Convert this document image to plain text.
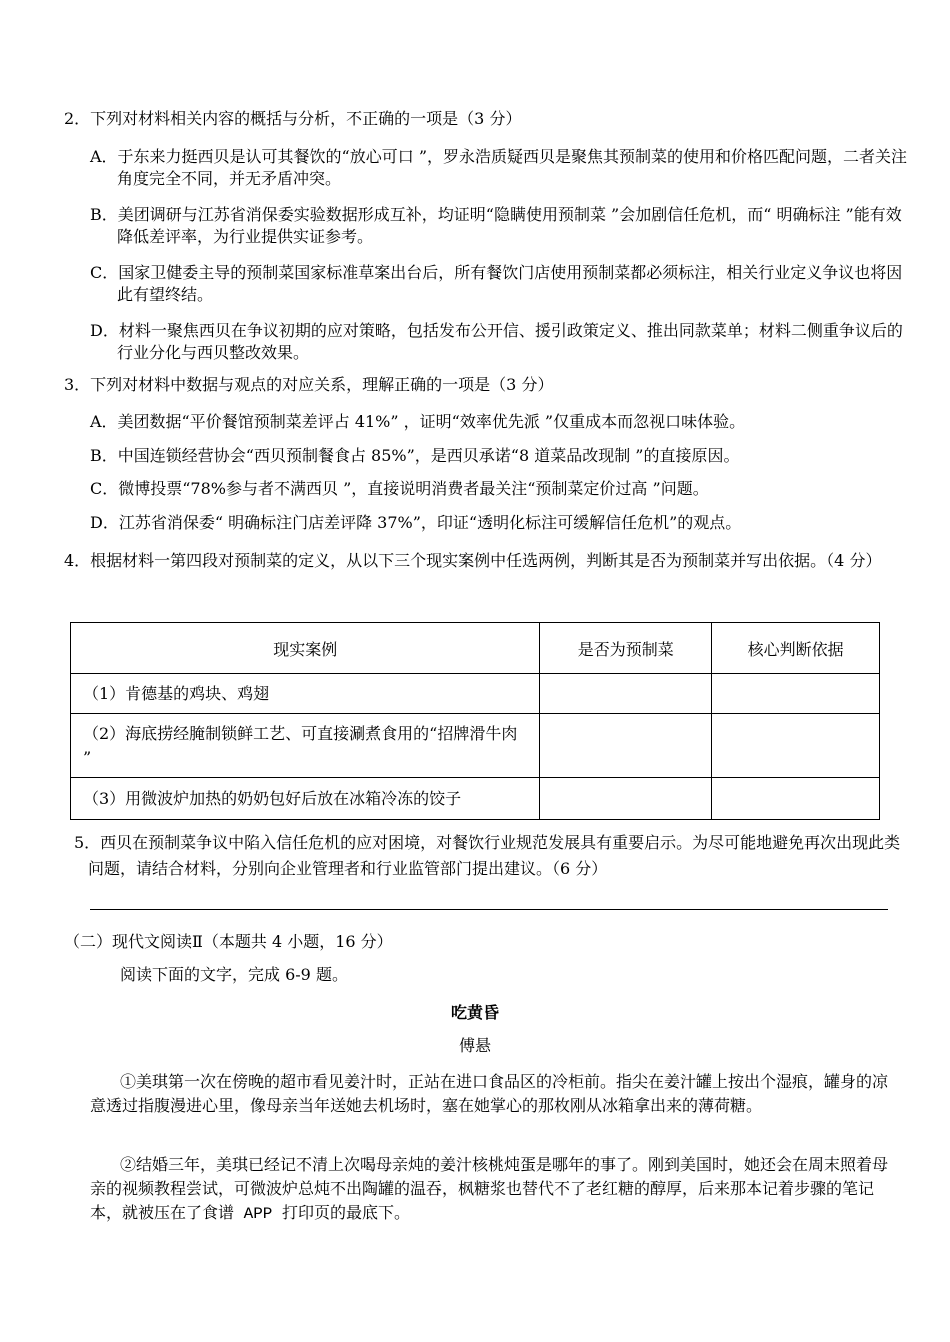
2．下列对材料相关内容的概括与分析，不正确的一项是（3 分）
A．于东来力挺西贝是认可其餐饮的“放心可口 ”，罗永浩质疑西贝是聚焦其预制菜的使用和价格匹配问题，二者关注角度完全不同，并无矛盾冲突。
B．美团调研与江苏省消保委实验数据形成互补，均证明“隐瞒使用预制菜 ”会加剧信任危机，而“ 明确标注 ”能有效降低差评率，为行业提供实证参考。
C．国家卫健委主导的预制菜国家标准草案出台后，所有餐饮门店使用预制菜都必须标注，相关行业定义争议也将因此有望终结。
D．材料一聚焦西贝在争议初期的应对策略，包括发布公开信、援引政策定义、推出同款菜单；材料二侧重争议后的行业分化与西贝整改效果。
3．下列对材料中数据与观点的对应关系，理解正确的一项是（3 分）
A．美团数据“平价餐馆预制菜差评占 41%” ，证明“效率优先派 ”仅重成本而忽视口味体验。
B．中国连锁经营协会“西贝预制餐食占 85%”，是西贝承诺“8 道菜品改现制 ”的直接原因。
C．微博投票“78%参与者不满西贝 ”，直接说明消费者最关注“预制菜定价过高 ”问题。
D．江苏省消保委“ 明确标注门店差评降 37%”，印证“透明化标注可缓解信任危机”的观点。
4．根据材料一第四段对预制菜的定义，从以下三个现实案例中任选两例，判断其是否为预制菜并写出依据。（4 分）
现实案例	是否为预制菜	核心判断依据
（1）肯德基的鸡块、鸡翅		
（2）海底捞经腌制锁鲜工艺、可直接涮煮食用的“招牌滑牛肉 ”		
（3）用微波炉加热的奶奶包好后放在冰箱冷冻的饺子		
5．西贝在预制菜争议中陷入信任危机的应对困境，对餐饮行业规范发展具有重要启示。为尽可能地避免再次出现此类问题，请结合材料，分别向企业管理者和行业监管部门提出建议。（6 分）
（二）现代文阅读Ⅱ（本题共 4 小题，16 分）
阅读下面的文字，完成 6-9 题。
吃黄昏
傅悬
①美琪第一次在傍晚的超市看见姜汁时，正站在进口食品区的冷柜前。指尖在姜汁罐上按出个湿痕，罐身的凉意透过指腹漫进心里，像母亲当年送她去机场时，塞在她掌心的那枚刚从冰箱拿出来的薄荷糖。
②结婚三年，美琪已经记不清上次喝母亲炖的姜汁核桃炖蛋是哪年的事了。刚到美国时，她还会在周末照着母亲的视频教程尝试，可微波炉总炖不出陶罐的温吞，枫糖浆也替代不了老红糖的醇厚，后来那本记着步骤的笔记本，就被压在了食谱 APP 打印页的最底下。
